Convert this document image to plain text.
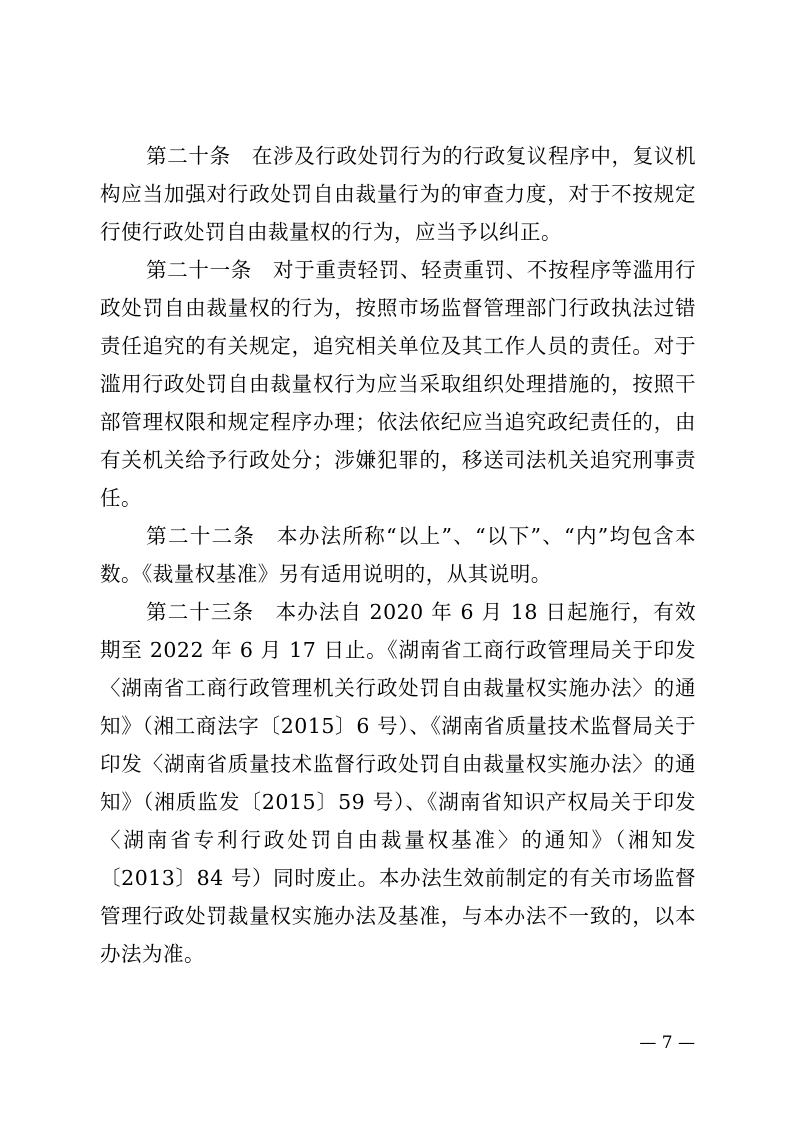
第二十条　在涉及行政处罚行为的行政复议程序中，复议机构应当加强对行政处罚自由裁量行为的审查力度，对于不按规定行使行政处罚自由裁量权的行为，应当予以纠正。

第二十一条　对于重责轻罚、轻责重罚、不按程序等滥用行政处罚自由裁量权的行为，按照市场监督管理部门行政执法过错责任追究的有关规定，追究相关单位及其工作人员的责任。对于滥用行政处罚自由裁量权行为应当采取组织处理措施的，按照干部管理权限和规定程序办理；依法依纪应当追究政纪责任的，由有关机关给予行政处分；涉嫌犯罪的，移送司法机关追究刑事责任。

第二十二条　本办法所称“以上”、“以下”、“内”均包含本数。《裁量权基准》另有适用说明的，从其说明。

第二十三条　本办法自 2020 年 6 月 18 日起施行，有效期至 2022 年 6 月 17 日止。《湖南省工商行政管理局关于印发〈湖南省工商行政管理机关行政处罚自由裁量权实施办法〉的通知》（湘工商法字〔2015〕6 号）、《湖南省质量技术监督局关于印发〈湖南省质量技术监督行政处罚自由裁量权实施办法〉的通知》（湘质监发〔2015〕59 号）、《湖南省知识产权局关于印发〈湖南省专利行政处罚自由裁量权基准〉的通知》（湘知发〔2013〕84 号）同时废止。本办法生效前制定的有关市场监督管理行政处罚裁量权实施办法及基准，与本办法不一致的，以本办法为准。

— 7 —
